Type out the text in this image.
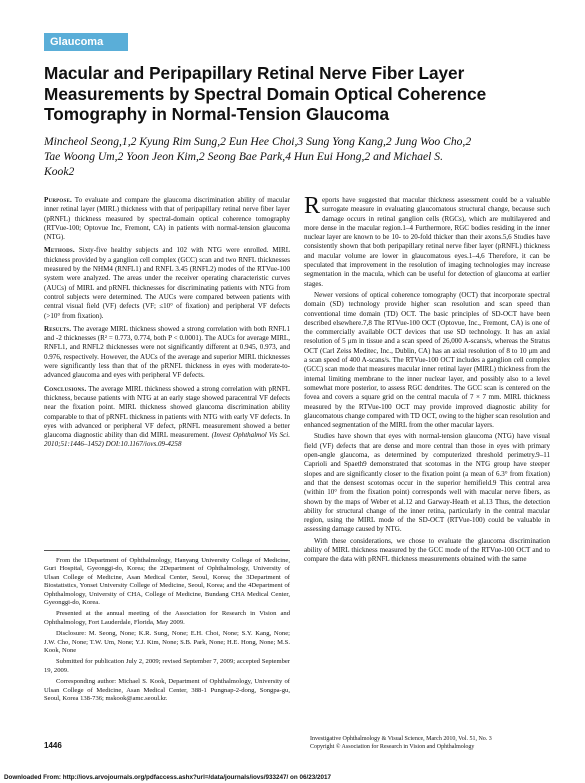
Glaucoma
Macular and Peripapillary Retinal Nerve Fiber Layer Measurements by Spectral Domain Optical Coherence Tomography in Normal-Tension Glaucoma

Mincheol Seong,1,2 Kyung Rim Sung,2 Eun Hee Choi,3 Sung Yong Kang,2 Jung Woo Cho,2 Tae Woong Um,2 Yoon Jeon Kim,2 Seong Bae Park,4 Hun Eui Hong,2 and Michael S. Kook2

Purpose. To evaluate and compare the glaucoma discrimination ability of macular inner retinal layer (MIRL) thickness with that of peripapillary retinal nerve fiber layer (pRNFL) thickness measured by spectral-domain optical coherence tomography (RTVue-100; Optovue Inc, Fremont, CA) in patients with normal-tension glaucoma (NTG).

Methods. Sixty-five healthy subjects and 102 with NTG were enrolled. MIRL thickness provided by a ganglion cell complex (GCC) scan and two RNFL thicknesses measured by the NHM4 (RNFL1) and RNFL 3.45 (RNFL2) modes of the RTVue-100 system were analyzed. The areas under the receiver operating characteristic curves (AUCs) of MIRL and pRNFL thicknesses for discriminating patients with NTG from control subjects were determined. The AUCs were compared between patients with central visual field (VF) defects (VF; ≤10° of fixation) and peripheral VF defects (>10° from fixation).

Results. The average MIRL thickness showed a strong correlation with both RNFL1 and -2 thicknesses (R² = 0.773, 0.774, both P < 0.0001). The AUCs for average MIRL, RNFL1, and RNFL2 thicknesses were not significantly different at 0.945, 0.973, and 0.976, respectively. However, the AUCs of the average and superior MIRL thicknesses were significantly less than that of the pRNFL thickness in eyes with moderate-to-advanced glaucoma and eyes with peripheral VF defects.

Conclusions. The average MIRL thickness showed a strong correlation with pRNFL thickness, because patients with NTG at an early stage showed paracentral VF defects near the fixation point. MIRL thickness showed glaucoma discrimination ability comparable to that of pRNFL thickness in patients with NTG with early VF defects. In eyes with advanced or peripheral VF defect, pRNFL measurement showed a better glaucoma diagnostic ability than did MIRL measurement. (Invest Ophthalmol Vis Sci. 2010;51:1446–1452) DOI:10.1167/iovs.09-4258

From the 1Department of Ophthalmology, Hanyang University College of Medicine, Guri Hospital, Gyeonggi-do, Korea; the 2Department of Ophthalmology, University of Ulsan College of Medicine, Asan Medical Center, Seoul, Korea; the 3Department of Biostatistics, Yonsei University College of Medicine, Seoul, Korea; and the 4Department of Ophthalmology, University of CHA, College of Medicine, Bundang CHA Medical Center, Gyeonggi-do, Korea.

Presented at the annual meeting of the Association for Research in Vision and Ophthalmology, Fort Lauderdale, Florida, May 2009.

Disclosure: M. Seong, None; K.R. Sung, None; E.H. Choi, None; S.Y. Kang, None; J.W. Cho, None; T.W. Um, None; Y.J. Kim, None; S.B. Park, None; H.E. Hong, None; M.S. Kook, None

Submitted for publication July 2, 2009; revised September 7, 2009; accepted September 19, 2009.

Corresponding author: Michael S. Kook, Department of Ophthalmology, University of Ulsan College of Medicine, Asan Medical Center, 388-1 Pungnap-2-dong, Songpa-gu, Seoul, Korea 138-736; mskook@amc.seoul.kr.

Reports have suggested that macular thickness assessment could be a valuable surrogate measure in evaluating glaucomatous structural change, because such damage occurs in retinal ganglion cells (RGCs), which are multilayered and more dense in the macular region.1–4 Furthermore, RGC bodies residing in the inner nuclear layer are known to be 10- to 20-fold thicker than their axons.5,6 Studies have consistently shown that both peripapillary retinal nerve fiber layer (pRNFL) thickness and macular volume are lower in glaucomatous eyes.1–4,6 Therefore, it can be speculated that improvement in the resolution of imaging technologies may increase segmentation in the macula, which can be useful for detection of glaucoma at earlier stages.

Newer versions of optical coherence tomography (OCT) that incorporate spectral domain (SD) technology provide higher scan resolution and scan speed than conventional time domain (TD) OCT. The basic principles of SD-OCT have been described elsewhere.7,8 The RTVue-100 OCT (Optovue, Inc., Fremont, CA) is one of the commercially available OCT devices that use SD technology. It has an axial resolution of 5 μm in tissue and a scan speed of 26,000 A-scans/s, whereas the Stratus OCT (Carl Zeiss Meditec, Inc., Dublin, CA) has an axial resolution of 8 to 10 μm and a scan speed of 400 A-scans/s. The RTVue-100 OCT includes a ganglion cell complex (GCC) scan mode that measures macular inner retinal layer (MIRL) thickness from the internal limiting membrane to the inner nuclear layer, and possibly also to a level somewhat more posterior, to assess RGC dendrites. The GCC scan is centered on the fovea and covers a square grid on the central macula of 7 × 7 mm. MIRL thickness measured by the RTVue-100 OCT may provide improved diagnostic ability for glaucomatous change compared with TD OCT, owing to the higher scan resolution and enhanced segmentation of the MIRL from the other macular layers.

Studies have shown that eyes with normal-tension glaucoma (NTG) have visual field (VF) defects that are dense and more central than those in eyes with primary open-angle glaucoma, as determined by computerized threshold perimetry.9–11 Caprioli and Spaeth9 demonstrated that scotomas in the NTG group have steeper slopes and are significantly closer to the fixation point (a mean of 6.3° from fixation) and that the densest scotomas occur in the superior hemifield.9 This central area (within 10° from the fixation point) corresponds well with macular nerve fibers, as shown by the maps of Weber et al.12 and Garway-Heath et al.13 Thus, the detection ability for structural change of the inner retina, particularly in the central macular region, using the MIRL mode of the SD-OCT (RTVue-100) could be valuable in assessing damage caused by NTG.

With these considerations, we chose to evaluate the glaucoma discrimination ability of MIRL thickness measured by the GCC mode of the RTVue-100 OCT and to compare the data with pRNFL thickness measurements obtained with the same

1446
Investigative Ophthalmology & Visual Science, March 2010, Vol. 51, No. 3
Copyright © Association for Research in Vision and Ophthalmology
Downloaded From: http://iovs.arvojournals.org/pdfaccess.ashx?url=/data/journals/iovs/933247/ on 06/23/2017
